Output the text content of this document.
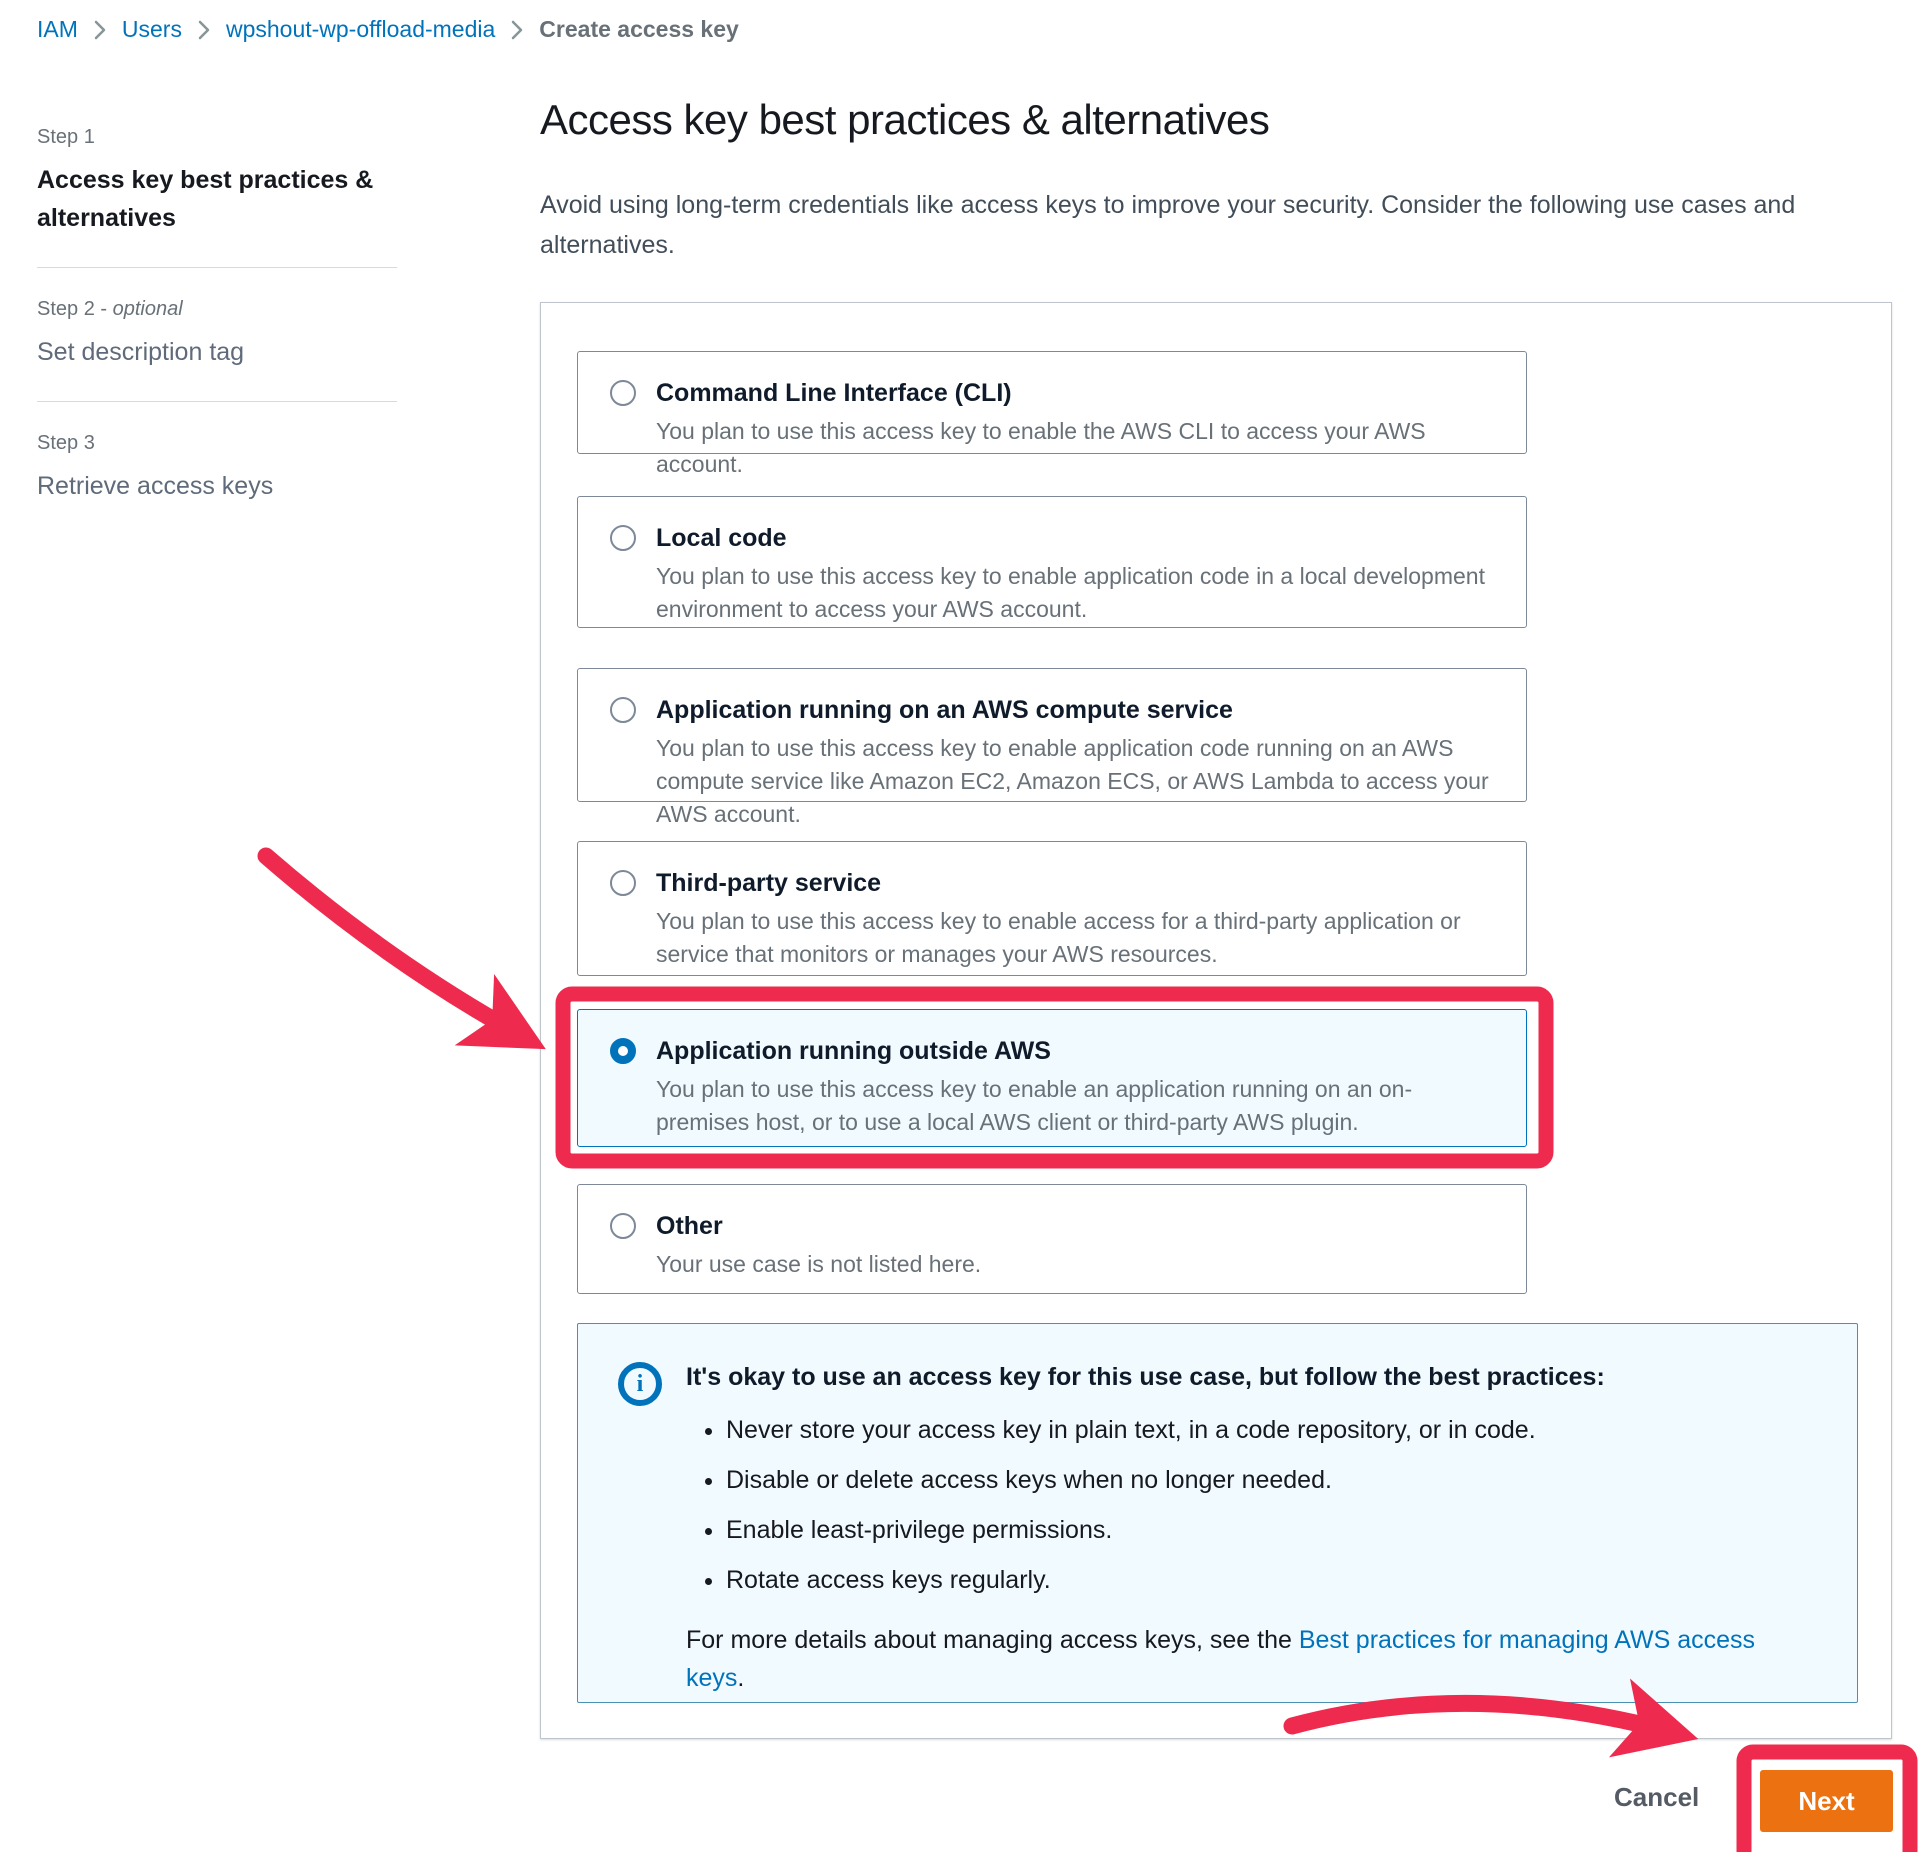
IAM Users wpshout-wp-offload-media Create access key
Step 1
Access key best practices & alternatives
Step 2 - optional
Set description tag
Step 3
Retrieve access keys
Access key best practices & alternatives

Avoid using long-term credentials like access keys to improve your security. Consider the following use cases and alternatives.

Command Line Interface (CLI)
You plan to use this access key to enable the AWS CLI to access your AWS account.
Local code
You plan to use this access key to enable application code in a local development environment to access your AWS account.
Application running on an AWS compute service
You plan to use this access key to enable application code running on an AWS compute service like Amazon EC2, Amazon ECS, or AWS Lambda to access your AWS account.
Third-party service
You plan to use this access key to enable access for a third-party application or service that monitors or manages your AWS resources.
Application running outside AWS
You plan to use this access key to enable an application running on an on-premises host, or to use a local AWS client or third-party AWS plugin.
Other
Your use case is not listed here.
i	It's okay to use an access key for this use case, but follow the best practices:
• Never store your access key in plain text, in a code repository, or in code.
• Disable or delete access keys when no longer needed.
• Enable least-privilege permissions.
• Rotate access keys regularly.

For more details about managing access keys, see the Best practices for managing AWS access keys.

Cancel	Next
